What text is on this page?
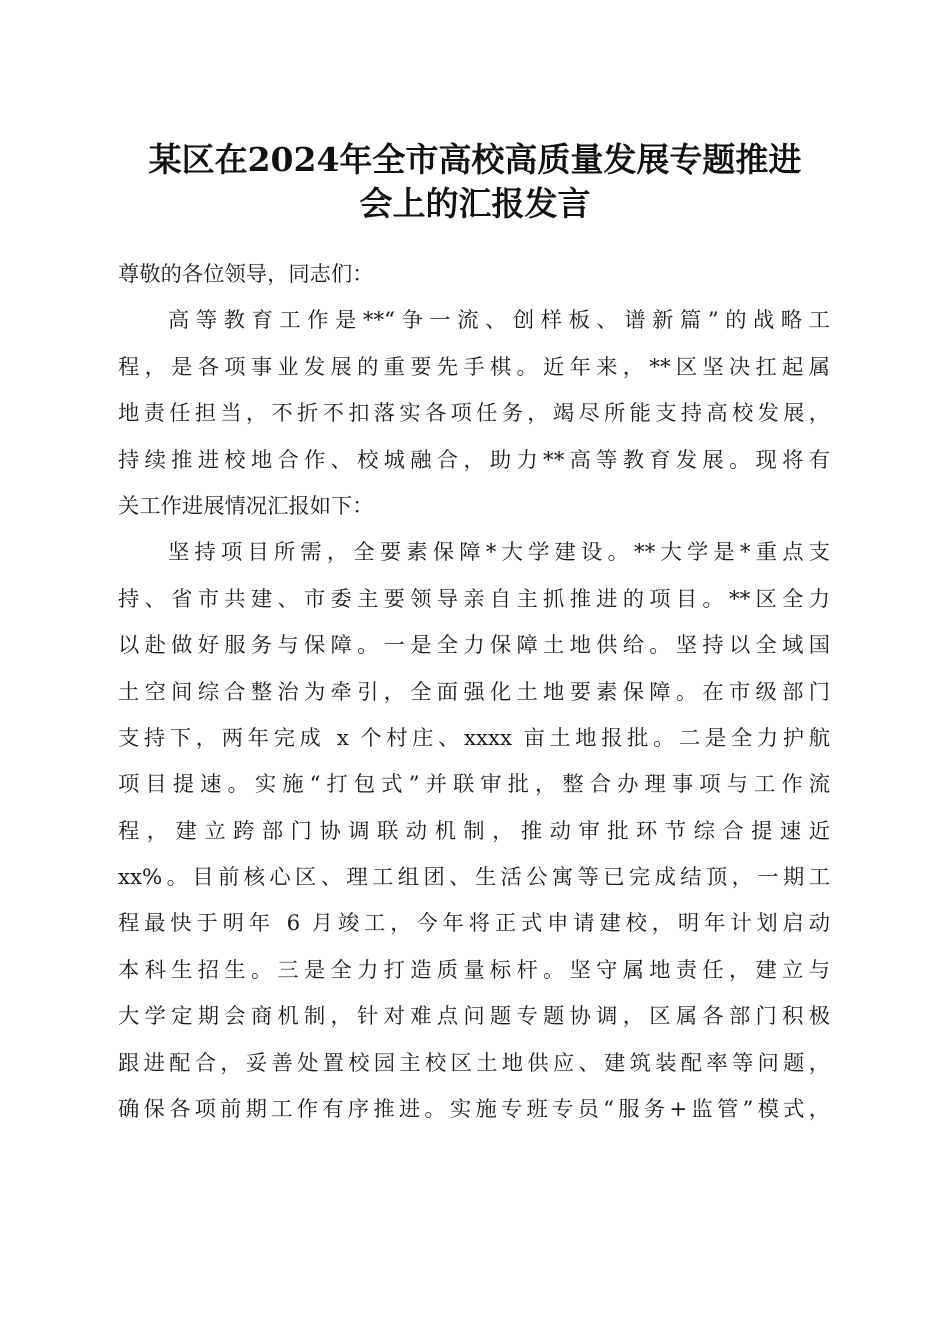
某区在2024年全市高校高质量发展专题推进
会上的汇报发言
尊敬的各位领导，同志们：
高等教育工作是**“争一流、创样板、谱新篇”的战略工
程，是各项事业发展的重要先手棋。近年来，**区坚决扛起属
地责任担当，不折不扣落实各项任务，竭尽所能支持高校发展，
持续推进校地合作、校城融合，助力**高等教育发展。现将有
关工作进展情况汇报如下：
坚持项目所需，全要素保障*大学建设。**大学是*重点支
持、省市共建、市委主要领导亲自主抓推进的项目。**区全力
以赴做好服务与保障。一是全力保障土地供给。坚持以全域国
土空间综合整治为牵引，全面强化土地要素保障。在市级部门
支持下，两年完成 x 个村庄、xxxx 亩土地报批。二是全力护航
项目提速。实施“打包式”并联审批，整合办理事项与工作流
程，建立跨部门协调联动机制，推动审批环节综合提速近
xx%。目前核心区、理工组团、生活公寓等已完成结顶，一期工
程最快于明年 6 月竣工，今年将正式申请建校，明年计划启动
本科生招生。三是全力打造质量标杆。坚守属地责任，建立与
大学定期会商机制，针对难点问题专题协调，区属各部门积极
跟进配合，妥善处置校园主校区土地供应、建筑装配率等问题，
确保各项前期工作有序推进。实施专班专员“服务+监管”模式，
